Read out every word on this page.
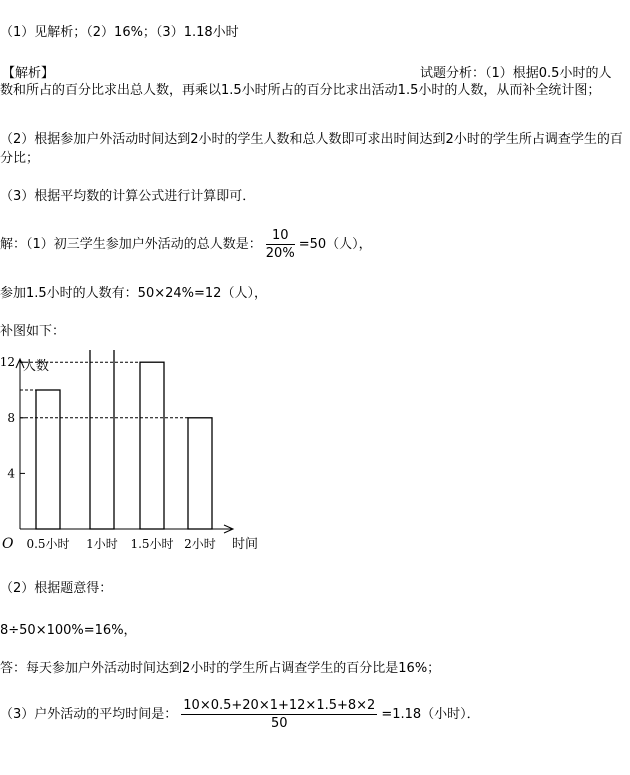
（1）见解析；（2）16%；（3）1.18小时
【解析】	试题分析：（1）根据0.5小时的人
数和所占的百分比求出总人数，再乘以1.5小时所占的百分比求出活动1.5小时的人数，从而补全统计图；
（2）根据参加户外活动时间达到2小时的学生人数和总人数即可求出时间达到2小时的学生所占调查学生的百分比；
（3）根据平均数的计算公式进行计算即可．
解：（1）初三学生参加户外活动的总人数是： $\frac{10}{20\%} =50$（人），
参加1.5小时的人数有：50×24%=12（人），
补图如下：
人数
时间
O
4
8
12
0.5小时 1小时 1.5小时 2小时
（2）根据题意得：
8÷50×100%=16%，
答：每天参加户外活动时间达到2小时的学生所占调查学生的百分比是16%；
（3）户外活动的平均时间是： $\frac{10\times 0.5+20\times 1+12\times 1.5+8\times 2}{50} =1.18$（小时）．
